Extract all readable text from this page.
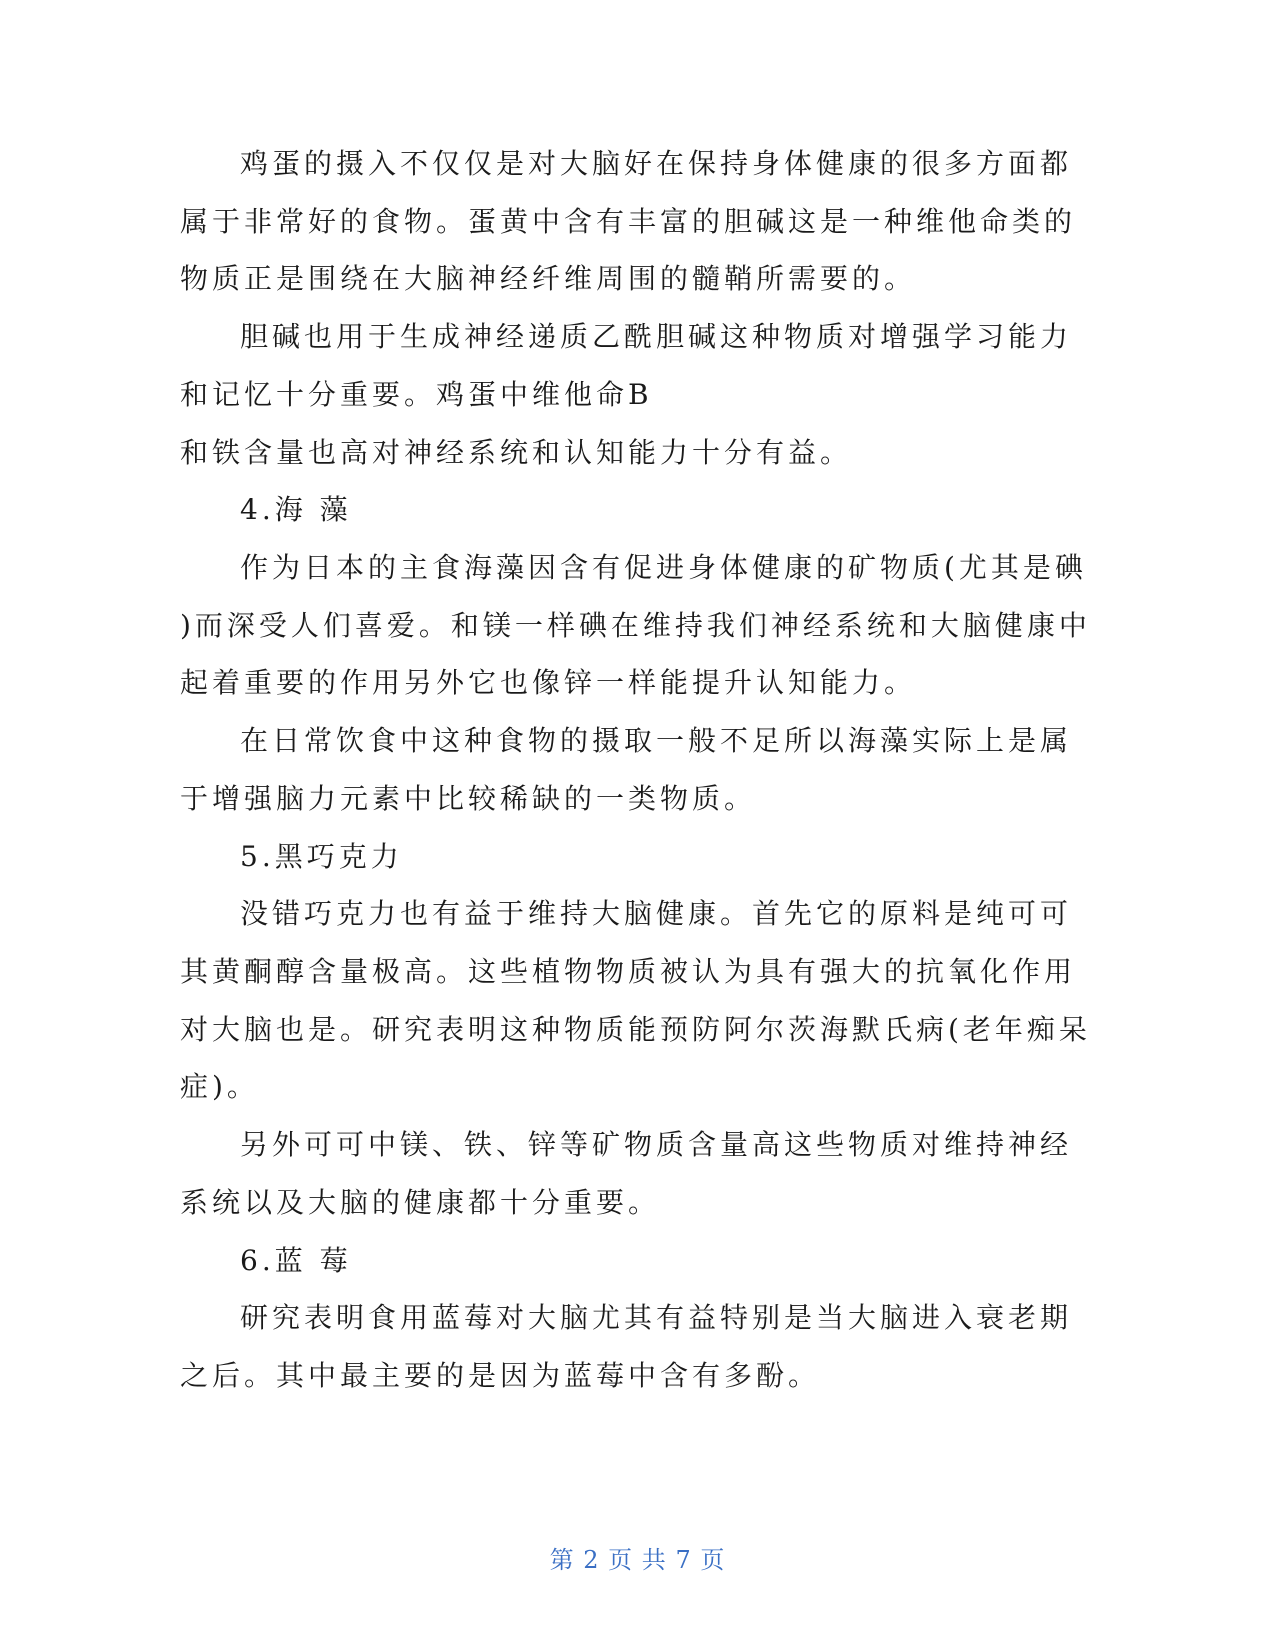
鸡蛋的摄入不仅仅是对大脑好在保持身体健康的很多方面都
属于非常好的食物。蛋黄中含有丰富的胆碱这是一种维他命类的
物质正是围绕在大脑神经纤维周围的髓鞘所需要的。
胆碱也用于生成神经递质乙酰胆碱这种物质对增强学习能力
和记忆十分重要。鸡蛋中维他命B
和铁含量也高对神经系统和认知能力十分有益。
4.海 藻
作为日本的主食海藻因含有促进身体健康的矿物质(尤其是碘
)而深受人们喜爱。和镁一样碘在维持我们神经系统和大脑健康中
起着重要的作用另外它也像锌一样能提升认知能力。
在日常饮食中这种食物的摄取一般不足所以海藻实际上是属
于增强脑力元素中比较稀缺的一类物质。
5.黑巧克力
没错巧克力也有益于维持大脑健康。首先它的原料是纯可可
其黄酮醇含量极高。这些植物物质被认为具有强大的抗氧化作用
对大脑也是。研究表明这种物质能预防阿尔茨海默氏病(老年痴呆
症)。
另外可可中镁、铁、锌等矿物质含量高这些物质对维持神经
系统以及大脑的健康都十分重要。
6.蓝 莓
研究表明食用蓝莓对大脑尤其有益特别是当大脑进入衰老期
之后。其中最主要的是因为蓝莓中含有多酚。
第 2 页 共 7 页
